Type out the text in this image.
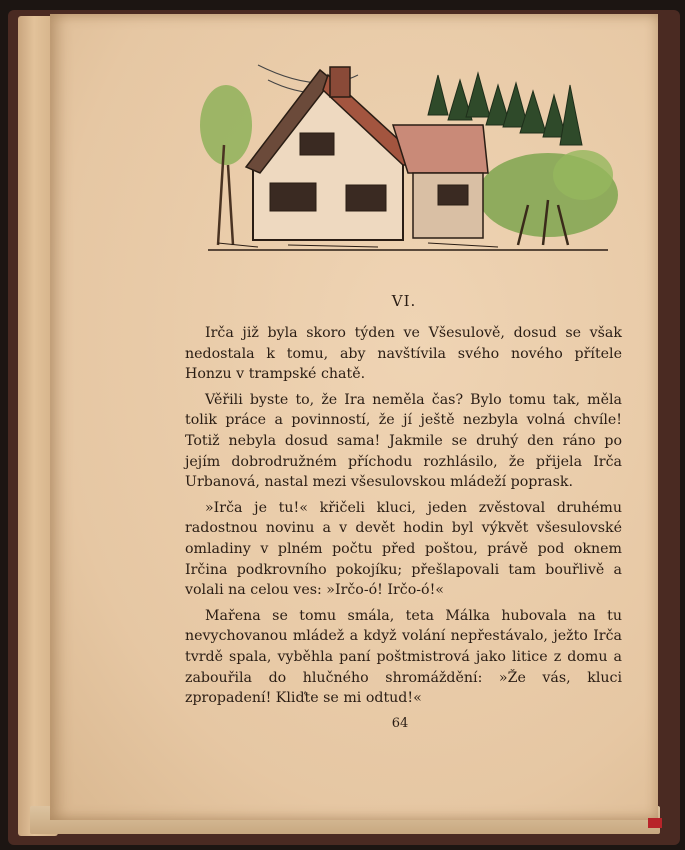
VI.

Irča již byla skoro týden ve Všesulově, dosud se však nedostala k tomu, aby navštívila svého nového přítele Honzu v trampské chatě.

Věřili byste to, že Ira neměla čas? Bylo tomu tak, měla tolik práce a povinností, že jí ještě nezbyla volná chvíle! Totiž nebyla dosud sama! Jakmile se druhý den ráno po jejím dobrodružném příchodu rozhlásilo, že přijela Irča Urbanová, nastal mezi všesulovskou mládeží poprask.

»Irča je tu!« křičeli kluci, jeden zvěstoval druhému radostnou novinu a v devět hodin byl výkvět všesulovské omladiny v plném počtu před poštou, právě pod oknem Irčina podkrovního pokojíku; přešlapovali tam bouřlivě a volali na celou ves: »Irčo-ó! Irčo-ó!«

Mařena se tomu smála, teta Málka hubovala na tu nevychovanou mládež a když volání nepřestávalo, ježto Irča tvrdě spala, vyběhla paní poštmistrová jako litice z domu a zabouřila do hlučného shromáždění: »Že vás, kluci zpropadení! Kliďte se mi odtud!«

64
